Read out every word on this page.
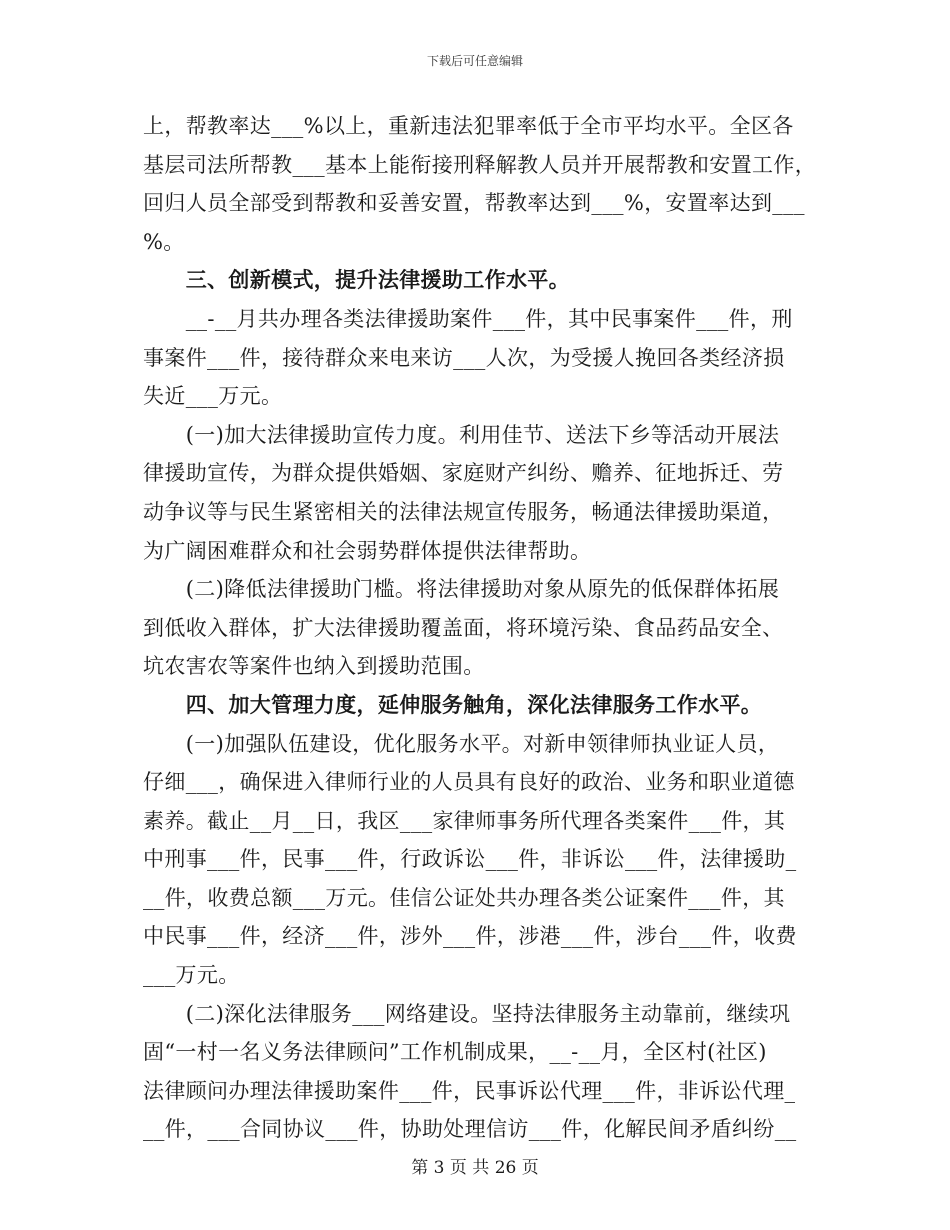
下载后可任意编辑
上，帮教率达___%以上，重新违法犯罪率低于全市平均水平。全区各
基层司法所帮教___基本上能衔接刑释解教人员并开展帮教和安置工作，
回归人员全部受到帮教和妥善安置，帮教率达到___%，安置率达到___
%。
　　三、创新模式，提升法律援助工作水平。
　　__-__月共办理各类法律援助案件___件，其中民事案件___件，刑
事案件___件，接待群众来电来访___人次，为受援人挽回各类经济损
失近___万元。
　　(一)加大法律援助宣传力度。利用佳节、送法下乡等活动开展法
律援助宣传，为群众提供婚姻、家庭财产纠纷、赡养、征地拆迁、劳
动争议等与民生紧密相关的法律法规宣传服务，畅通法律援助渠道，
为广阔困难群众和社会弱势群体提供法律帮助。
　　(二)降低法律援助门槛。将法律援助对象从原先的低保群体拓展
到低收入群体，扩大法律援助覆盖面，将环境污染、食品药品安全、
坑农害农等案件也纳入到援助范围。
　　四、加大管理力度，延伸服务触角，深化法律服务工作水平。
　　(一)加强队伍建设，优化服务水平。对新申领律师执业证人员，
仔细___，确保进入律师行业的人员具有良好的政治、业务和职业道德
素养。截止__月__日，我区___家律师事务所代理各类案件___件，其
中刑事___件，民事___件，行政诉讼___件，非诉讼___件，法律援助_
__件，收费总额___万元。佳信公证处共办理各类公证案件___件，其
中民事___件，经济___件，涉外___件，涉港___件，涉台___件，收费
___万元。
　　(二)深化法律服务___网络建设。坚持法律服务主动靠前，继续巩
固“一村一名义务法律顾问”工作机制成果，__-__月，全区村(社区)
法律顾问办理法律援助案件___件，民事诉讼代理___件，非诉讼代理_
__件，___合同协议___件，协助处理信访___件，化解民间矛盾纠纷__
第 3 页 共 26 页
